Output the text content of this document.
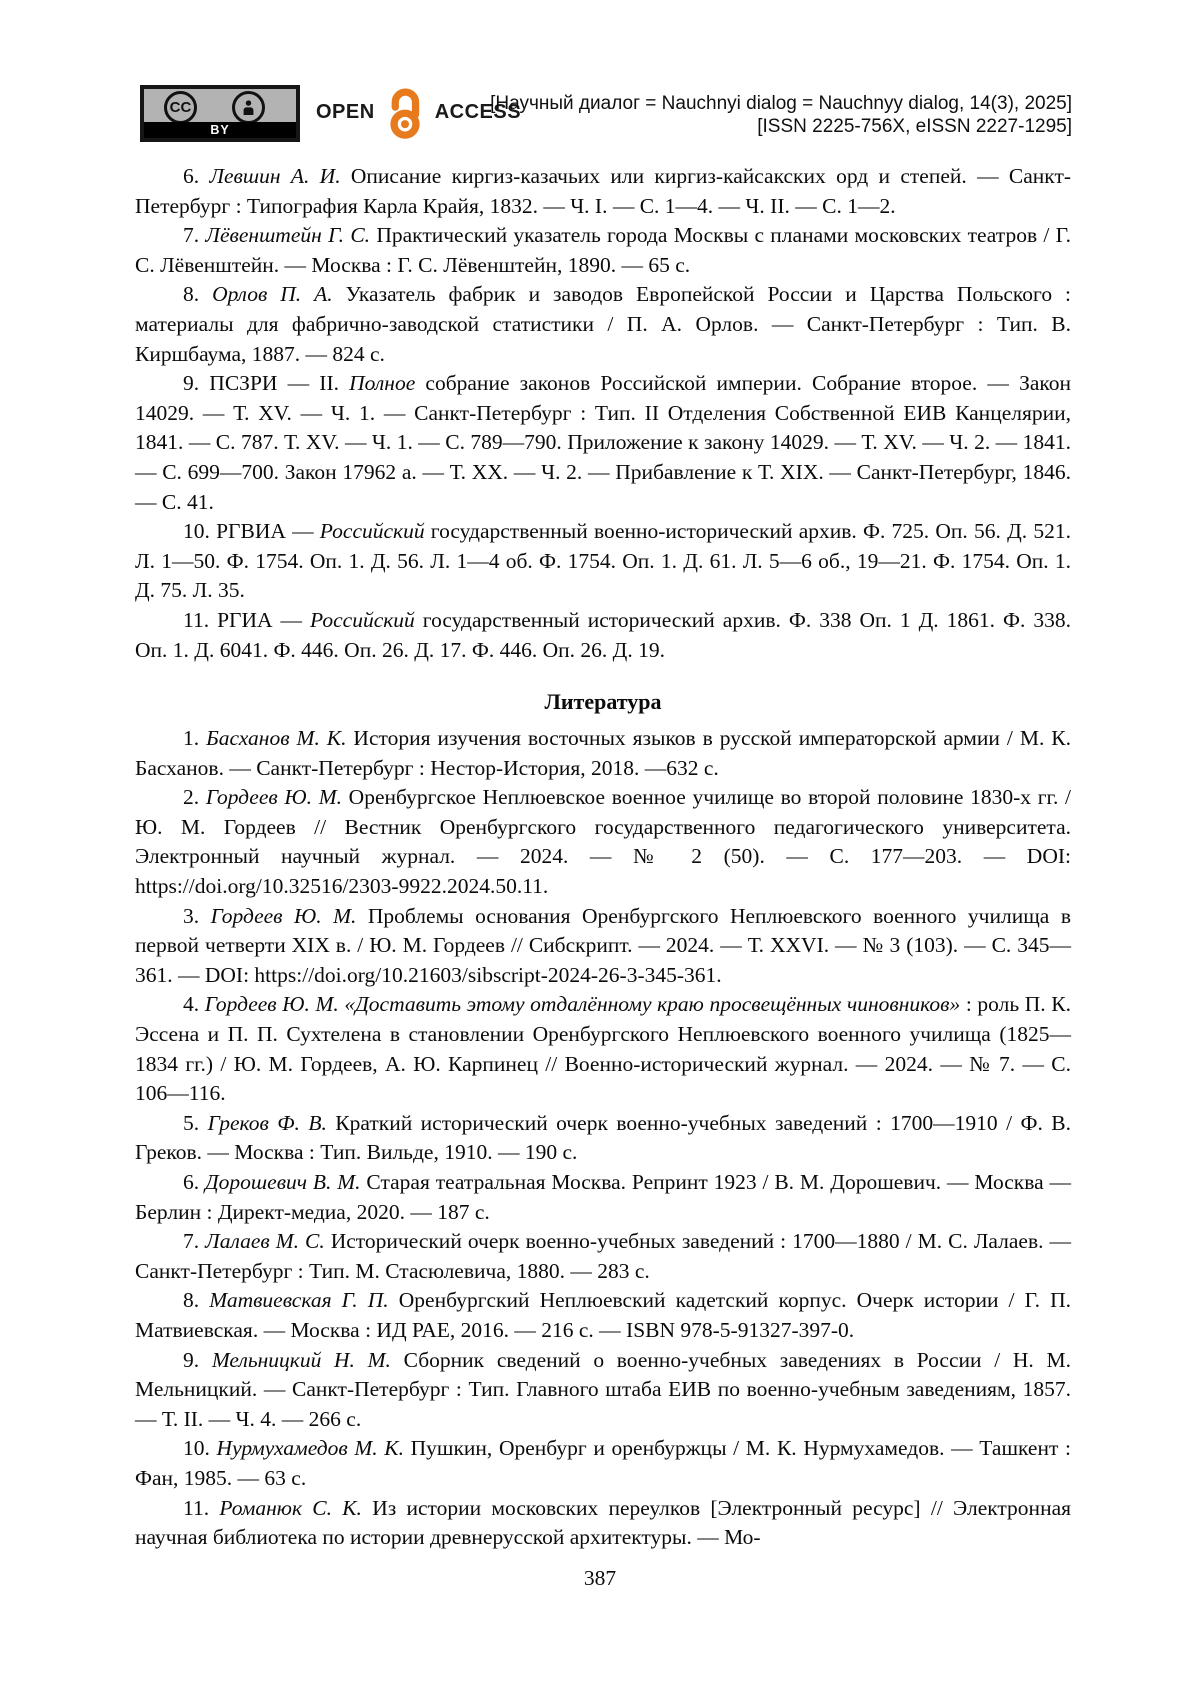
CC
BY
OPEN	ACCESS
[Научный диалог = Nauchnyi dialog = Nauchnyy dialog, 14(3), 2025]
[ISSN 2225-756X, eISSN 2227-1295]

6. Левшин А. И. Описание киргиз-казачьих или киргиз-кайсакских орд и степей. — Санкт-Петербург : Типография Карла Крайя, 1832. — Ч. I. — С. 1—4. — Ч. II. — С. 1—2.

7. Лёвенштейн Г. С. Практический указатель города Москвы с планами московских театров / Г. С. Лёвенштейн. — Москва : Г. С. Лёвенштейн, 1890. — 65 с.

8. Орлов П. А. Указатель фабрик и заводов Европейской России и Царства Польского : материалы для фабрично-заводской статистики / П. А. Орлов. — Санкт-Петербург : Тип. В. Киршбаума, 1887. — 824 с.

9. ПСЗРИ — II. Полное собрание законов Российской империи. Собрание второе. — Закон 14029. — Т. XV. — Ч. 1. — Санкт-Петербург : Тип. II Отделения Собственной ЕИВ Канцелярии, 1841. — С. 787. Т. XV. — Ч. 1. — С. 789—790. Приложение к закону 14029. — Т. XV. — Ч. 2. — 1841. — С. 699—700. Закон 17962 а. — Т. XX. — Ч. 2. — Прибавление к Т. XIX. — Санкт-Петербург, 1846. — С. 41.

10. РГВИА — Российский государственный военно-исторический архив. Ф. 725. Оп. 56. Д. 521. Л. 1—50. Ф. 1754. Оп. 1. Д. 56. Л. 1—4 об. Ф. 1754. Оп. 1. Д. 61. Л. 5—6 об., 19—21. Ф. 1754. Оп. 1. Д. 75. Л. 35.

11. РГИА — Российский государственный исторический архив. Ф. 338 Оп. 1 Д. 1861. Ф. 338. Оп. 1. Д. 6041. Ф. 446. Оп. 26. Д. 17. Ф. 446. Оп. 26. Д. 19.

Литература

1. Басханов М. К. История изучения восточных языков в русской императорской армии / М. К. Басханов. — Санкт-Петербург : Нестор-История, 2018. —632 с.

2. Гордеев Ю. М. Оренбургское Неплюевское военное училище во второй половине 1830-х гг. / Ю. М. Гордеев // Вестник Оренбургского государственного педагогического университета. Электронный научный журнал. — 2024. — № 2 (50). — С. 177—203. — DOI: https://doi.org/10.32516/2303-9922.2024.50.11.

3. Гордеев Ю. М. Проблемы основания Оренбургского Неплюевского военного училища в первой четверти XIX в. / Ю. М. Гордеев // Сибскрипт. — 2024. — Т. XXVI. — № 3 (103). — С. 345—361. — DOI: https://doi.org/10.21603/sibscript-2024-26-3-345-361.

4. Гордеев Ю. М. «Доставить этому отдалённому краю просвещённых чиновников» : роль П. К. Эссена и П. П. Сухтелена в становлении Оренбургского Неплюевского военного училища (1825—1834 гг.) / Ю. М. Гордеев, А. Ю. Карпинец // Военно-исторический журнал. — 2024. — № 7. — С. 106—116.

5. Греков Ф. В. Краткий исторический очерк военно-учебных заведений : 1700—1910 / Ф. В. Греков. — Москва : Тип. Вильде, 1910. — 190 с.

6. Дорошевич В. М. Старая театральная Москва. Репринт 1923 / В. М. Дорошевич. — Москва — Берлин : Директ-медиа, 2020. — 187 с.

7. Лалаев М. С. Исторический очерк военно-учебных заведений : 1700—1880 / М. С. Лалаев. — Санкт-Петербург : Тип. М. Стасюлевича, 1880. — 283 с.

8. Матвиевская Г. П. Оренбургский Неплюевский кадетский корпус. Очерк истории / Г. П. Матвиевская. — Москва : ИД РАЕ, 2016. — 216 с. — ISBN 978-5-91327-397-0.

9. Мельницкий Н. М. Сборник сведений о военно-учебных заведениях в России / Н. М. Мельницкий. — Санкт-Петербург : Тип. Главного штаба ЕИВ по военно-учебным заведениям, 1857. — Т. II. — Ч. 4. — 266 с.

10. Нурмухамедов М. К. Пушкин, Оренбург и оренбуржцы / М. К. Нурмухамедов. — Ташкент : Фан, 1985. — 63 с.

11. Романюк С. К. Из истории московских переулков [Электронный ресурс] // Электронная научная библиотека по истории древнерусской архитектуры. — Мо-

387
